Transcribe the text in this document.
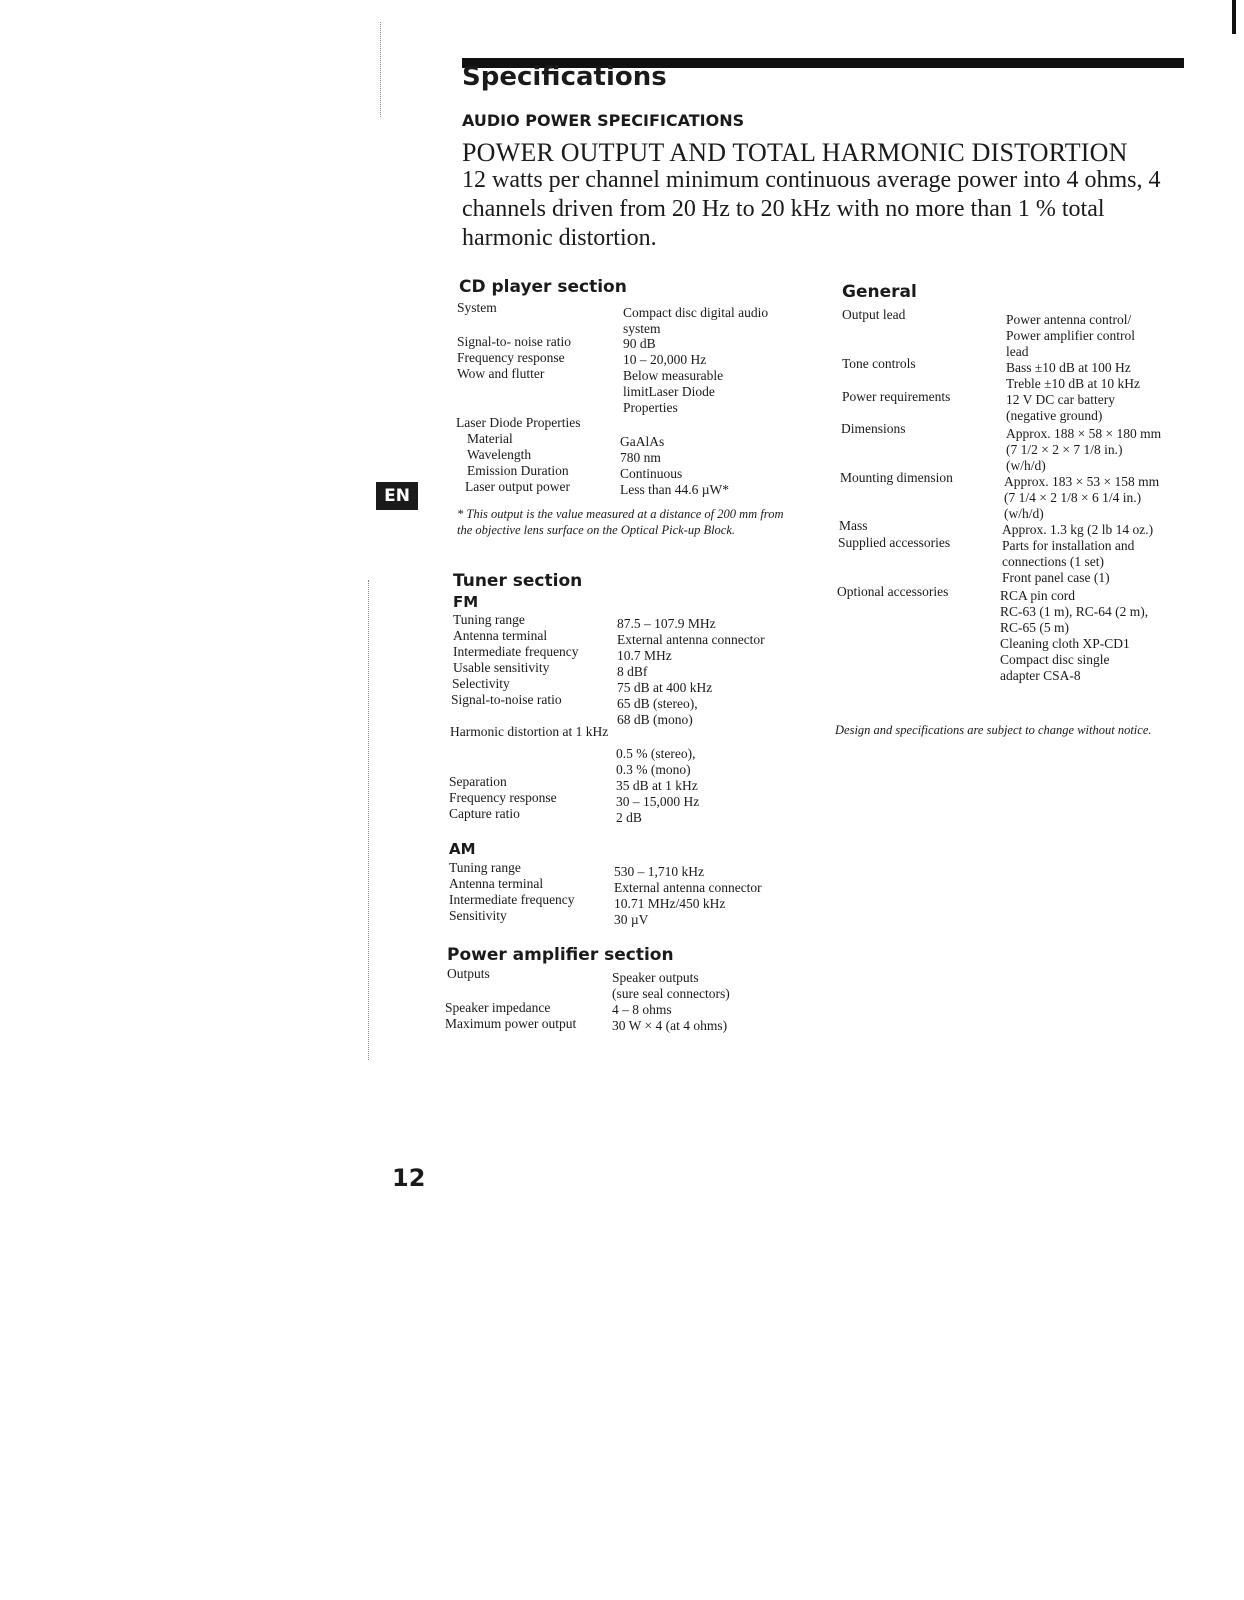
Specifications
AUDIO POWER SPECIFICATIONS
POWER OUTPUT AND TOTAL HARMONIC DISTORTION
12 watts per channel minimum continuous average power into 4 ohms, 4 channels driven from 20 Hz to 20 kHz with no more than 1 % total harmonic distortion.
EN
CD player section
System	Compact disc digital audio
system
Signal-to- noise ratio	90 dB
Frequency response	10 – 20,000 Hz
Wow and flutter	Below measurable
limitLaser Diode
Properties
Laser Diode Properties
Material	GaAlAs
Wavelength	780 nm
Emission Duration	Continuous
Laser output power	Less than 44.6 µW*
* This output is the value measured at a distance of 200 mm from the objective lens surface on the Optical Pick-up Block.
Tuner section
FM
Tuning range	87.5 – 107.9 MHz
Antenna terminal	External antenna connector
Intermediate frequency	10.7 MHz
Usable sensitivity	8 dBf
Selectivity	75 dB at 400 kHz
Signal-to-noise ratio	65 dB (stereo),
68 dB (mono)
Harmonic distortion at 1 kHz
0.5 % (stereo),
0.3 % (mono)
Separation	35 dB at 1 kHz
Frequency response	30 – 15,000 Hz
Capture ratio	2 dB
AM
Tuning range	530 – 1,710 kHz
Antenna terminal	External antenna connector
Intermediate frequency	10.71 MHz/450 kHz
Sensitivity	30 µV
Power amplifier section
Outputs	Speaker outputs
(sure seal connectors)
Speaker impedance	4 – 8 ohms
Maximum power output	30 W × 4 (at 4 ohms)
General
Output lead	Power antenna control/
Power amplifier control
lead
Tone controls	Bass ±10 dB at 100 Hz
Treble ±10 dB at 10 kHz
Power requirements	12 V DC car battery
(negative ground)
Dimensions	Approx. 188 × 58 × 180 mm
(7 1/2 × 2 × 7 1/8 in.)
(w/h/d)
Mounting dimension	Approx. 183 × 53 × 158 mm
(7 1/4 × 2 1/8 × 6 1/4 in.)
(w/h/d)
Mass	Approx. 1.3 kg (2 lb 14 oz.)
Supplied accessories	Parts for installation and
connections (1 set)
Front panel case (1)
Optional accessories	RCA pin cord
RC-63 (1 m), RC-64 (2 m),
RC-65 (5 m)
Cleaning cloth XP-CD1
Compact disc single
adapter CSA-8
Design and specifications are subject to change without notice.
12
